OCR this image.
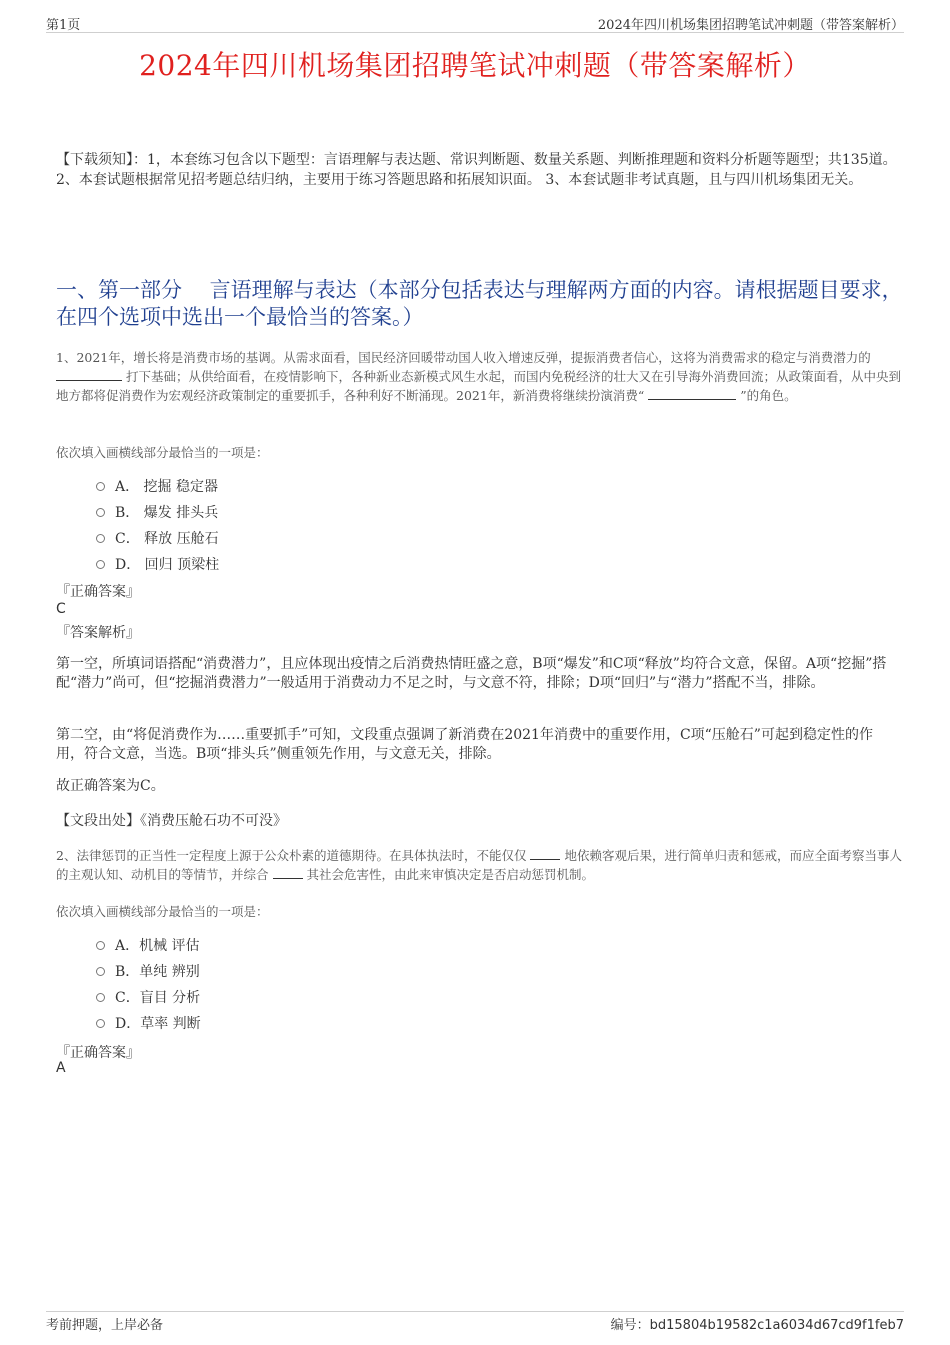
第1页	2024年四川机场集团招聘笔试冲刺题（带答案解析）
2024年四川机场集团招聘笔试冲刺题（带答案解析）
【下载须知】：1，本套练习包含以下题型：言语理解与表达题、常识判断题、数量关系题、判断推理题和资料分析题等题型；共135道。 2、本套试题根据常见招考题总结归纳，主要用于练习答题思路和拓展知识面。 3、本套试题非考试真题，且与四川机场集团无关。
一、第一部分　 言语理解与表达（本部分包括表达与理解两方面的内容。请根据题目要求，在四个选项中选出一个最恰当的答案。）
1、2021年，增长将是消费市场的基调。从需求面看，国民经济回暖带动国人收入增速反弹，提振消费者信心，这将为消费需求的稳定与消费潜力的  打下基础；从供给面看，在疫情影响下，各种新业态新模式风生水起，而国内免税经济的壮大又在引导海外消费回流；从政策面看，从中央到地方都将促消费作为宏观经济政策制定的重要抓手，各种利好不断涌现。2021年，新消费将继续扮演消费“	”的角色。
依次填入画横线部分最恰当的一项是：
A． 挖掘 稳定器
B． 爆发 排头兵
C． 释放 压舱石
D． 回归 顶梁柱
『正确答案』
C
『答案解析』
第一空，所填词语搭配“消费潜力”，且应体现出疫情之后消费热情旺盛之意，B项“爆发”和C项“释放”均符合文意，保留。A项“挖掘”搭配“潜力”尚可，但“挖掘消费潜力”一般适用于消费动力不足之时，与文意不符，排除；D项“回归”与“潜力”搭配不当，排除。
第二空，由“将促消费作为……重要抓手”可知，文段重点强调了新消费在2021年消费中的重要作用，C项“压舱石”可起到稳定性的作用，符合文意，当选。B项“排头兵”侧重领先作用，与文意无关，排除。
故正确答案为C。
【文段出处】《消费压舱石功不可没》
2、法律惩罚的正当性一定程度上源于公众朴素的道德期待。在具体执法时，不能仅仅	地依赖客观后果，进行简单归责和惩戒，而应全面考察当事人的主观认知、动机目的等情节，并综合	其社会危害性，由此来审慎决定是否启动惩罚机制。
依次填入画横线部分最恰当的一项是：
A．机械 评估
B．单纯 辨别
C．盲目 分析
D．草率 判断
『正确答案』
A
考前押题，上岸必备	编号：bd15804b19582c1a6034d67cd9f1feb7
